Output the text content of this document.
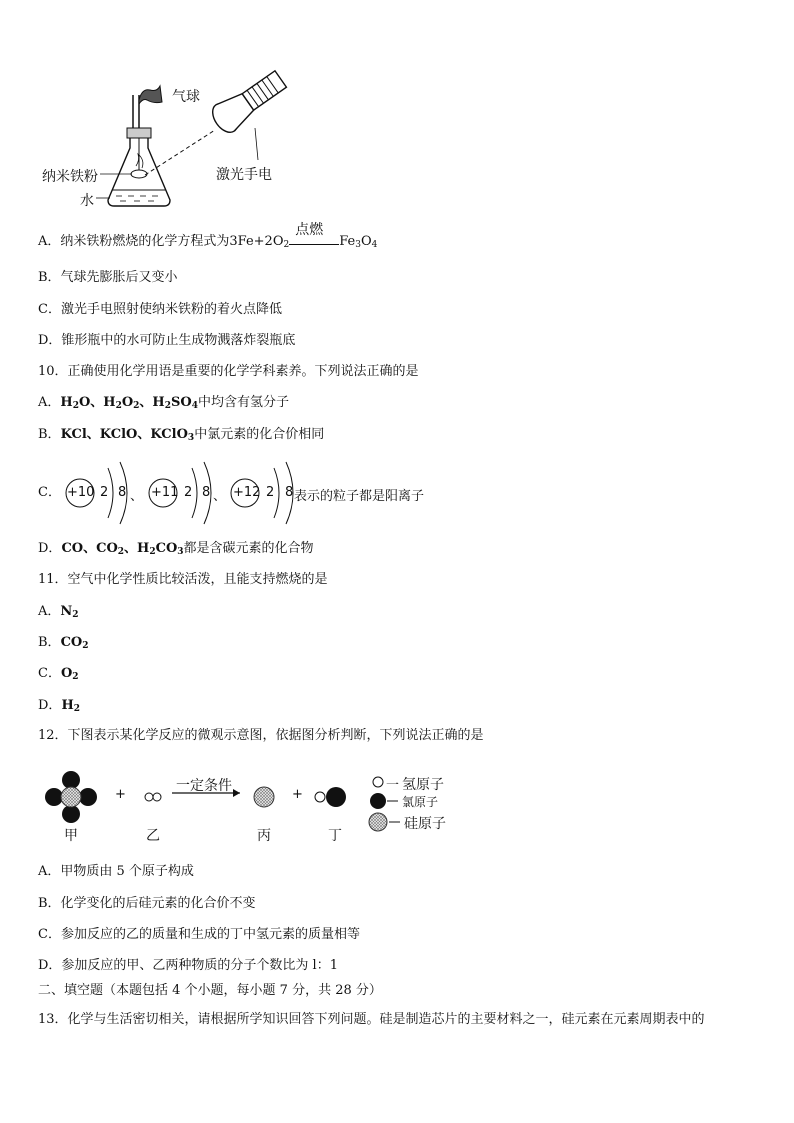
气球
纳米铁粉
水
激光手电
A．纳米铁粉燃烧的化学方程式为$3Fe+2O_2$
点燃
$Fe_3O_4$
B．气球先膨胀后又变小
C．激光手电照射使纳米铁粉的着火点降低
D．锥形瓶中的水可防止生成物溅落炸裂瓶底
10．正确使用化学用语是重要的化学学科素养。下列说法正确的是
A．$H_2O$、$H_2O_2$、$H_2SO_4$中均含有氢分子
B．KCl、KClO、KClO$_3$中氯元素的化合价相同
C． +10 2 8 、 +11 2 8 、 +12 2 8 表示的粒子都是阳离子
D．CO、$CO_2$、$H_2CO_3$都是含碳元素的化合物
11．空气中化学性质比较活泼，且能支持燃烧的是
A．$N_2$
B．$CO_2$
C．$O_2$
D．$H_2$
12．下图表示某化学反应的微观示意图，依据图分析判断，下列说法正确的是
+	+
一定条件
甲	乙	丙	丁
一 氢原子
氯原子
硅原子
A．甲物质由 5 个原子构成
B．化学变化的后硅元素的化合价不变
C．参加反应的乙的质量和生成的丁中氢元素的质量相等
D．参加反应的甲、乙两种物质的分子个数比为 l：1
二、填空题（本题包括 4 个小题，每小题 7 分，共 28 分）
13．化学与生活密切相关，请根据所学知识回答下列问题。硅是制造芯片的主要材料之一，硅元素在元素周期表中的
